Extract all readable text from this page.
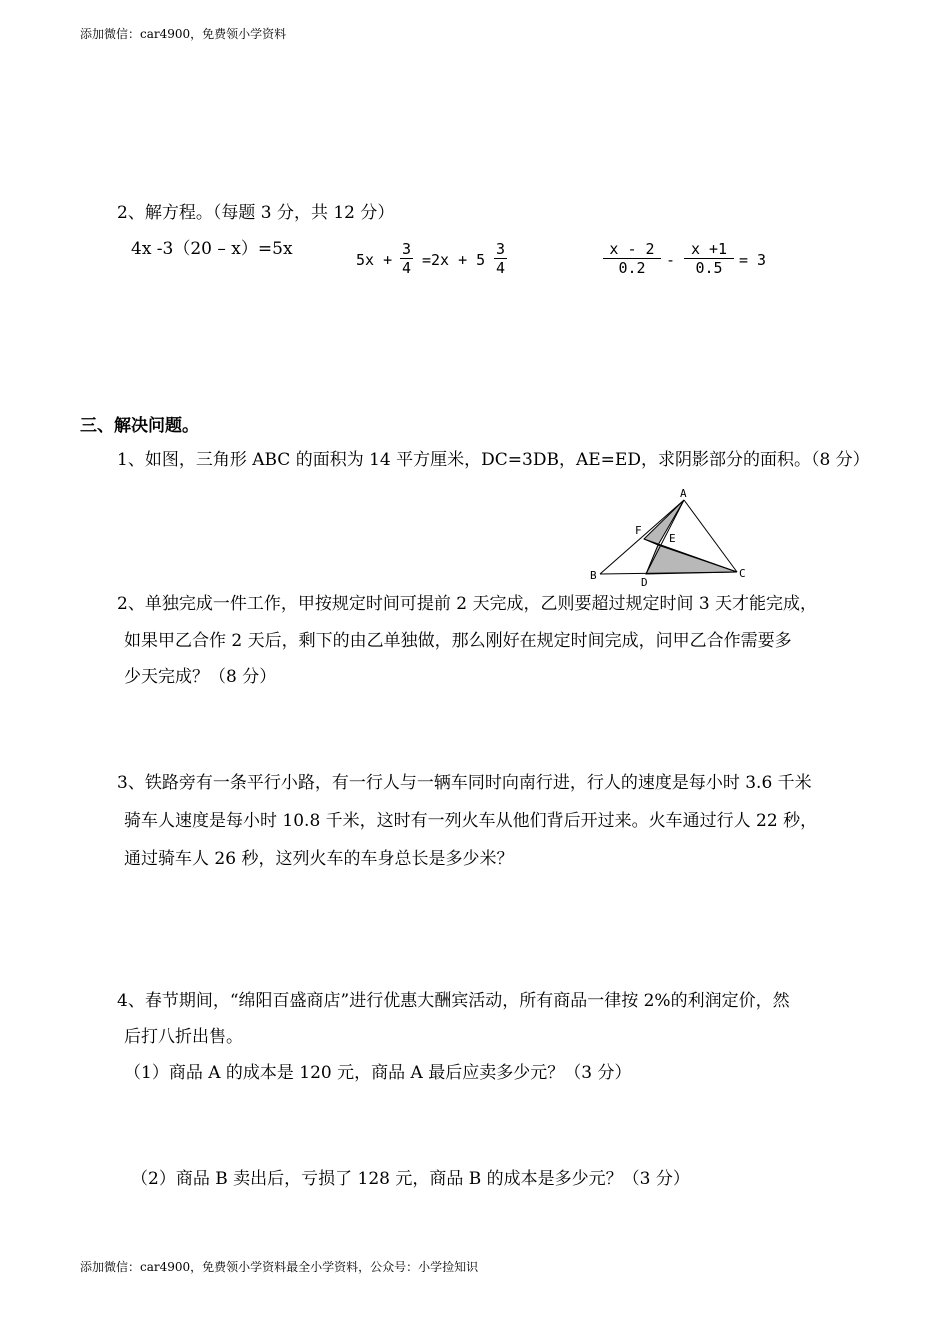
添加微信：car4900，免费领小学资料
2、解方程。（每题 3 分，共 12 分）
4x -3（20 – x）=5x
$5x + \frac{3}{4} =2x + 5 \frac{3}{4}$	$\frac{x - 2}{0.2} - \frac{x +1}{0.5} = 3$
三、解决问题。
1、如图，三角形 ABC 的面积为 14 平方厘米，DC=3DB，AE=ED，求阴影部分的面积。（8 分）
A
B	C
D
E
F
2、单独完成一件工作，甲按规定时间可提前 2 天完成，乙则要超过规定时间 3 天才能完成，
如果甲乙合作 2 天后，剩下的由乙单独做，那么刚好在规定时间完成，问甲乙合作需要多
少天完成？（8 分）
3、铁路旁有一条平行小路，有一行人与一辆车同时向南行进，行人的速度是每小时 3.6 千米
骑车人速度是每小时 10.8 千米，这时有一列火车从他们背后开过来。火车通过行人 22 秒，
通过骑车人 26 秒，这列火车的车身总长是多少米？
4、春节期间，“绵阳百盛商店”进行优惠大酬宾活动，所有商品一律按 2%的利润定价，然
后打八折出售。
（1）商品 A 的成本是 120 元，商品 A 最后应卖多少元？（3 分）
（2）商品 B 卖出后，亏损了 128 元，商品 B 的成本是多少元？（3 分）
添加微信：car4900，免费领小学资料最全小学资料，公众号：小学捡知识
